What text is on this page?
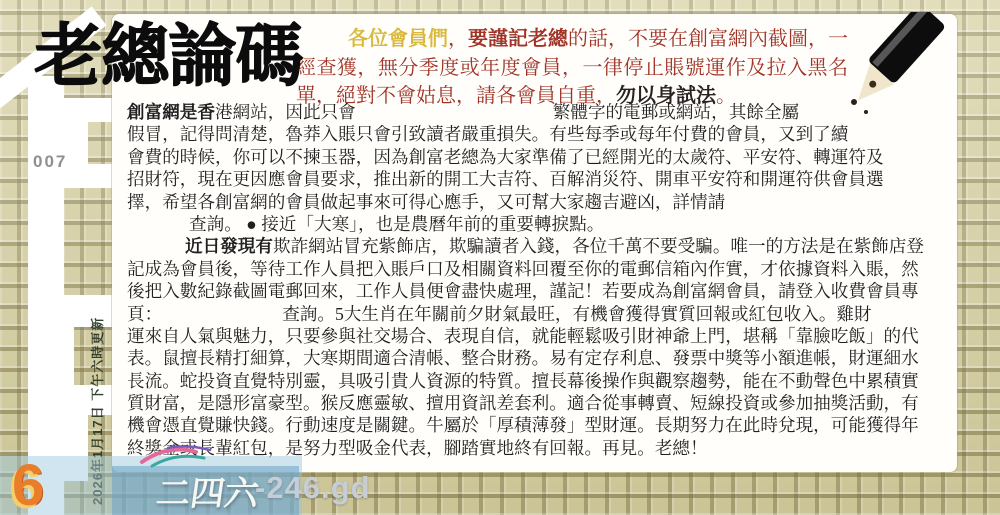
007
老總論碼	各位會員們，要謹記老總的話，不要在創富網內截圖，一經查獲，無分季度或年度會員，一律停止賬號運作及拉入黑名單，絕對不會姑息，請各會員自重，勿以身試法。
創富網是香港網站，因此只會	繁體字的電郵或網站，其餘全屬
假冒，記得問清楚，魯莽入賬只會引致讀者嚴重損失。有些每季或每年付費的會員，又到了續
會費的時候，你可以不揀玉器，因為創富老總為大家準備了已經開光的太歲符、平安符、轉運符及
招財符，現在更因應會員要求，推出新的開工大吉符、百解消災符、開車平安符和開運符供會員選
擇，希望各創富網的會員做起事來可得心應手，又可幫大家趨吉避凶，詳情請
查詢。 ● 接近「大寒」，也是農曆年前的重要轉捩點。
近日發現有欺詐網站冒充紫飾店，欺騙讀者入錢，各位千萬不要受騙。唯一的方法是在紫飾店登
記成為會員後，等待工作人員把入賬戶口及相關資料回覆至你的電郵信箱內作實，才依據資料入賬，然
後把入數紀錄截圖電郵回來，工作人員便會盡快處理，謹記！若要成為創富網會員，請登入收費會員專
頁：	查詢。5大生肖在年關前夕財氣最旺，有機會獲得實質回報或紅包收入。雞財
運來自人氣與魅力，只要參與社交場合、表現自信，就能輕鬆吸引財神爺上門，堪稱「靠臉吃飯」的代
表。鼠擅長精打細算，大寒期間適合清帳、整合財務。易有定存利息、發票中獎等小額進帳，財運細水
長流。蛇投資直覺特別靈，具吸引貴人資源的特質。擅長幕後操作與觀察趨勢，能在不動聲色中累積實
質財富，是隱形富豪型。猴反應靈敏、擅用資訊差套利。適合從事轉賣、短線投資或參加抽獎活動，有
機會憑直覺賺快錢。行動速度是關鍵。牛屬於「厚積薄發」型財運。長期努力在此時兌現，可能獲得年
終獎金或長輩紅包，是努力型吸金代表，腳踏實地終有回報。再見。老總！
2026年1月17日 下午六時更新
6	二四六
-246.gd
